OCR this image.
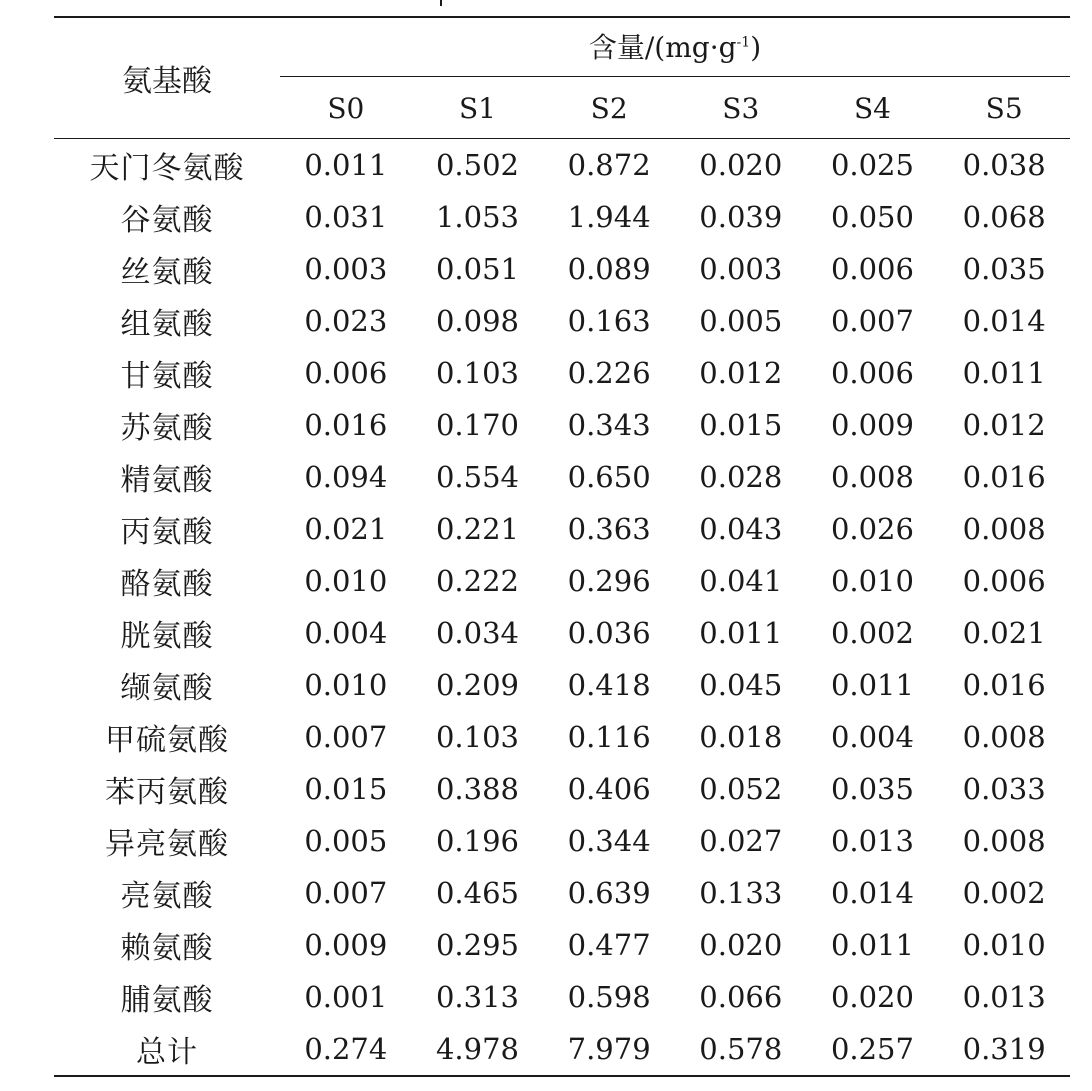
氨基酸	含量$/(mg\cdot g^{-1})$					

	S0	S1	S2	S3	S4	S5
天门冬氨酸	0.011	0.502	0.872	0.020	0.025	0.038
谷氨酸	0.031	1.053	1.944	0.039	0.050	0.068
丝氨酸	0.003	0.051	0.089	0.003	0.006	0.035
组氨酸	0.023	0.098	0.163	0.005	0.007	0.014
甘氨酸	0.006	0.103	0.226	0.012	0.006	0.011
苏氨酸	0.016	0.170	0.343	0.015	0.009	0.012
精氨酸	0.094	0.554	0.650	0.028	0.008	0.016
丙氨酸	0.021	0.221	0.363	0.043	0.026	0.008
酪氨酸	0.010	0.222	0.296	0.041	0.010	0.006
胱氨酸	0.004	0.034	0.036	0.011	0.002	0.021
缬氨酸	0.010	0.209	0.418	0.045	0.011	0.016
甲硫氨酸	0.007	0.103	0.116	0.018	0.004	0.008
苯丙氨酸	0.015	0.388	0.406	0.052	0.035	0.033
异亮氨酸	0.005	0.196	0.344	0.027	0.013	0.008
亮氨酸	0.007	0.465	0.639	0.133	0.014	0.002
赖氨酸	0.009	0.295	0.477	0.020	0.011	0.010
脯氨酸	0.001	0.313	0.598	0.066	0.020	0.013
总计	0.274	4.978	7.979	0.578	0.257	0.319
